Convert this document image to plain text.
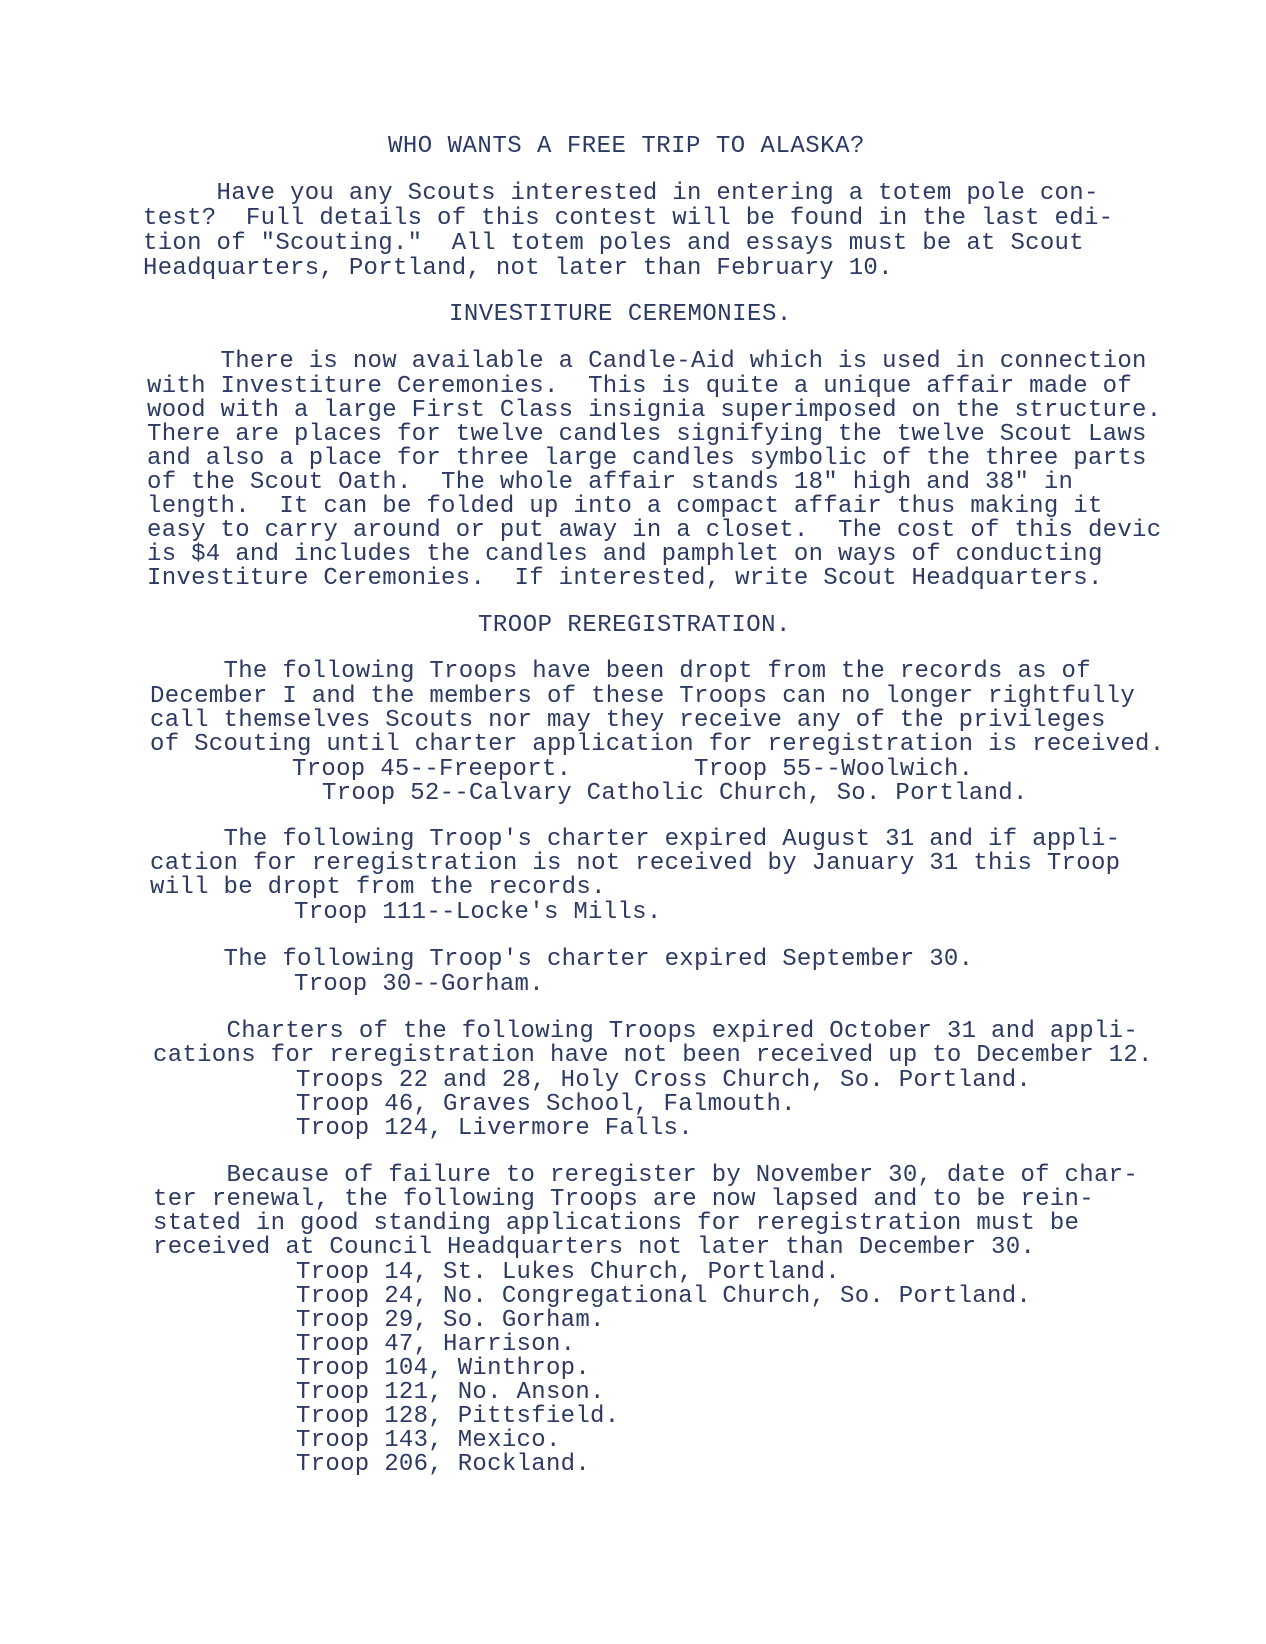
WHO WANTS A FREE TRIP TO ALASKA?
Have you any Scouts interested in entering a totem pole con-
test?  Full details of this contest will be found in the last edi-
tion of "Scouting."  All totem poles and essays must be at Scout
Headquarters, Portland, not later than February 10.
INVESTITURE CEREMONIES.
There is now available a Candle-Aid which is used in connection
with Investiture Ceremonies.  This is quite a unique affair made of
wood with a large First Class insignia superimposed on the structure.
There are places for twelve candles signifying the twelve Scout Laws
and also a place for three large candles symbolic of the three parts
of the Scout Oath.  The whole affair stands 18" high and 38" in
length.  It can be folded up into a compact affair thus making it
easy to carry around or put away in a closet.  The cost of this devic
is $4 and includes the candles and pamphlet on ways of conducting
Investiture Ceremonies.  If interested, write Scout Headquarters.
TROOP REREGISTRATION.
The following Troops have been dropt from the records as of
December I and the members of these Troops can no longer rightfully
call themselves Scouts nor may they receive any of the privileges
of Scouting until charter application for reregistration is received.
Troop 45--Freeport.	Troop 55--Woolwich.
Troop 52--Calvary Catholic Church, So. Portland.
The following Troop's charter expired August 31 and if appli-
cation for reregistration is not received by January 31 this Troop
will be dropt from the records.
Troop 111--Locke's Mills.
The following Troop's charter expired September 30.
Troop 30--Gorham.
Charters of the following Troops expired October 31 and appli-
cations for reregistration have not been received up to December 12.
Troops 22 and 28, Holy Cross Church, So. Portland.
Troop 46, Graves School, Falmouth.
Troop 124, Livermore Falls.
Because of failure to reregister by November 30, date of char-
ter renewal, the following Troops are now lapsed and to be rein-
stated in good standing applications for reregistration must be
received at Council Headquarters not later than December 30.
Troop 14, St. Lukes Church, Portland.
Troop 24, No. Congregational Church, So. Portland.
Troop 29, So. Gorham.
Troop 47, Harrison.
Troop 104, Winthrop.
Troop 121, No. Anson.
Troop 128, Pittsfield.
Troop 143, Mexico.
Troop 206, Rockland.
